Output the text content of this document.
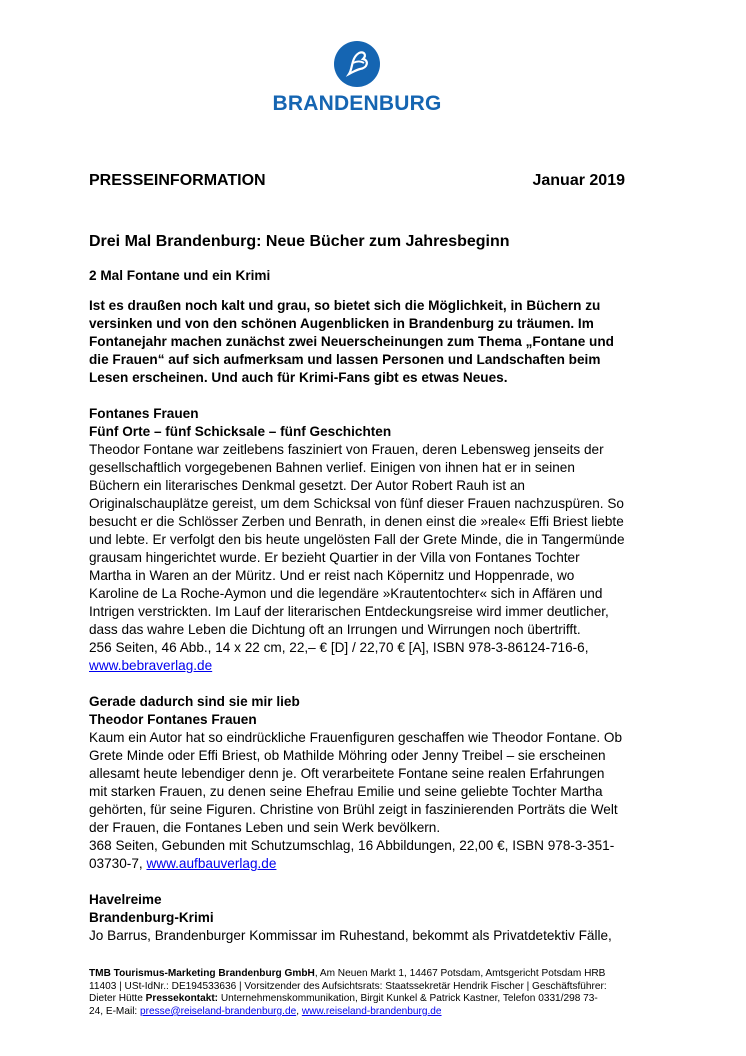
BRANDENBURG
PRESSEINFORMATION	Januar 2019
Drei Mal Brandenburg: Neue Bücher zum Jahresbeginn
2 Mal Fontane und ein Krimi
Ist es draußen noch kalt und grau, so bietet sich die Möglichkeit, in Büchern zu versinken und von den schönen Augenblicken in Brandenburg zu träumen. Im Fontanejahr machen zunächst zwei Neuerscheinungen zum Thema „Fontane und die Frauen“ auf sich aufmerksam und lassen Personen und Landschaften beim Lesen erscheinen. Und auch für Krimi-Fans gibt es etwas Neues.
Fontanes Frauen
Fünf Orte – fünf Schicksale – fünf Geschichten
Theodor Fontane war zeitlebens fasziniert von Frauen, deren Lebensweg jenseits der gesellschaftlich vorgegebenen Bahnen verlief. Einigen von ihnen hat er in seinen Büchern ein literarisches Denkmal gesetzt. Der Autor Robert Rauh ist an Originalschauplätze gereist, um dem Schicksal von fünf dieser Frauen nachzuspüren. So besucht er die Schlösser Zerben und Benrath, in denen einst die »reale« Effi Briest liebte und lebte. Er verfolgt den bis heute ungelösten Fall der Grete Minde, die in Tangermünde grausam hingerichtet wurde. Er bezieht Quartier in der Villa von Fontanes Tochter Martha in Waren an der Müritz. Und er reist nach Köpernitz und Hoppenrade, wo Karoline de La Roche-Aymon und die legendäre »Krautentochter« sich in Affären und Intrigen verstrickten. Im Lauf der literarischen Entdeckungsreise wird immer deutlicher, dass das wahre Leben die Dichtung oft an Irrungen und Wirrungen noch übertrifft.
256 Seiten, 46 Abb., 14 x 22 cm, 22,– € [D] / 22,70 € [A], ISBN 978-3-86124-716-6, www.bebraverlag.de
Gerade dadurch sind sie mir lieb
Theodor Fontanes Frauen
Kaum ein Autor hat so eindrückliche Frauenfiguren geschaffen wie Theodor Fontane. Ob Grete Minde oder Effi Briest, ob Mathilde Möhring oder Jenny Treibel – sie erscheinen allesamt heute lebendiger denn je. Oft verarbeitete Fontane seine realen Erfahrungen mit starken Frauen, zu denen seine Ehefrau Emilie und seine geliebte Tochter Martha gehörten, für seine Figuren. Christine von Brühl zeigt in faszinierenden Porträts die Welt der Frauen, die Fontanes Leben und sein Werk bevölkern.
368 Seiten, Gebunden mit Schutzumschlag, 16 Abbildungen, 22,00 €, ISBN 978-3-351-03730-7, www.aufbauverlag.de
Havelreime
Brandenburg-Krimi
Jo Barrus, Brandenburger Kommissar im Ruhestand, bekommt als Privatdetektiv Fälle,
TMB Tourismus-Marketing Brandenburg GmbH, Am Neuen Markt 1, 14467 Potsdam, Amtsgericht Potsdam HRB 11403 | USt-IdNr.: DE194533636 | Vorsitzender des Aufsichtsrats: Staatssekretär Hendrik Fischer | Geschäftsführer: Dieter Hütte Pressekontakt: Unternehmenskommunikation, Birgit Kunkel & Patrick Kastner, Telefon 0331/298 73-24, E-Mail: presse@reiseland-brandenburg.de, www.reiseland-brandenburg.de
